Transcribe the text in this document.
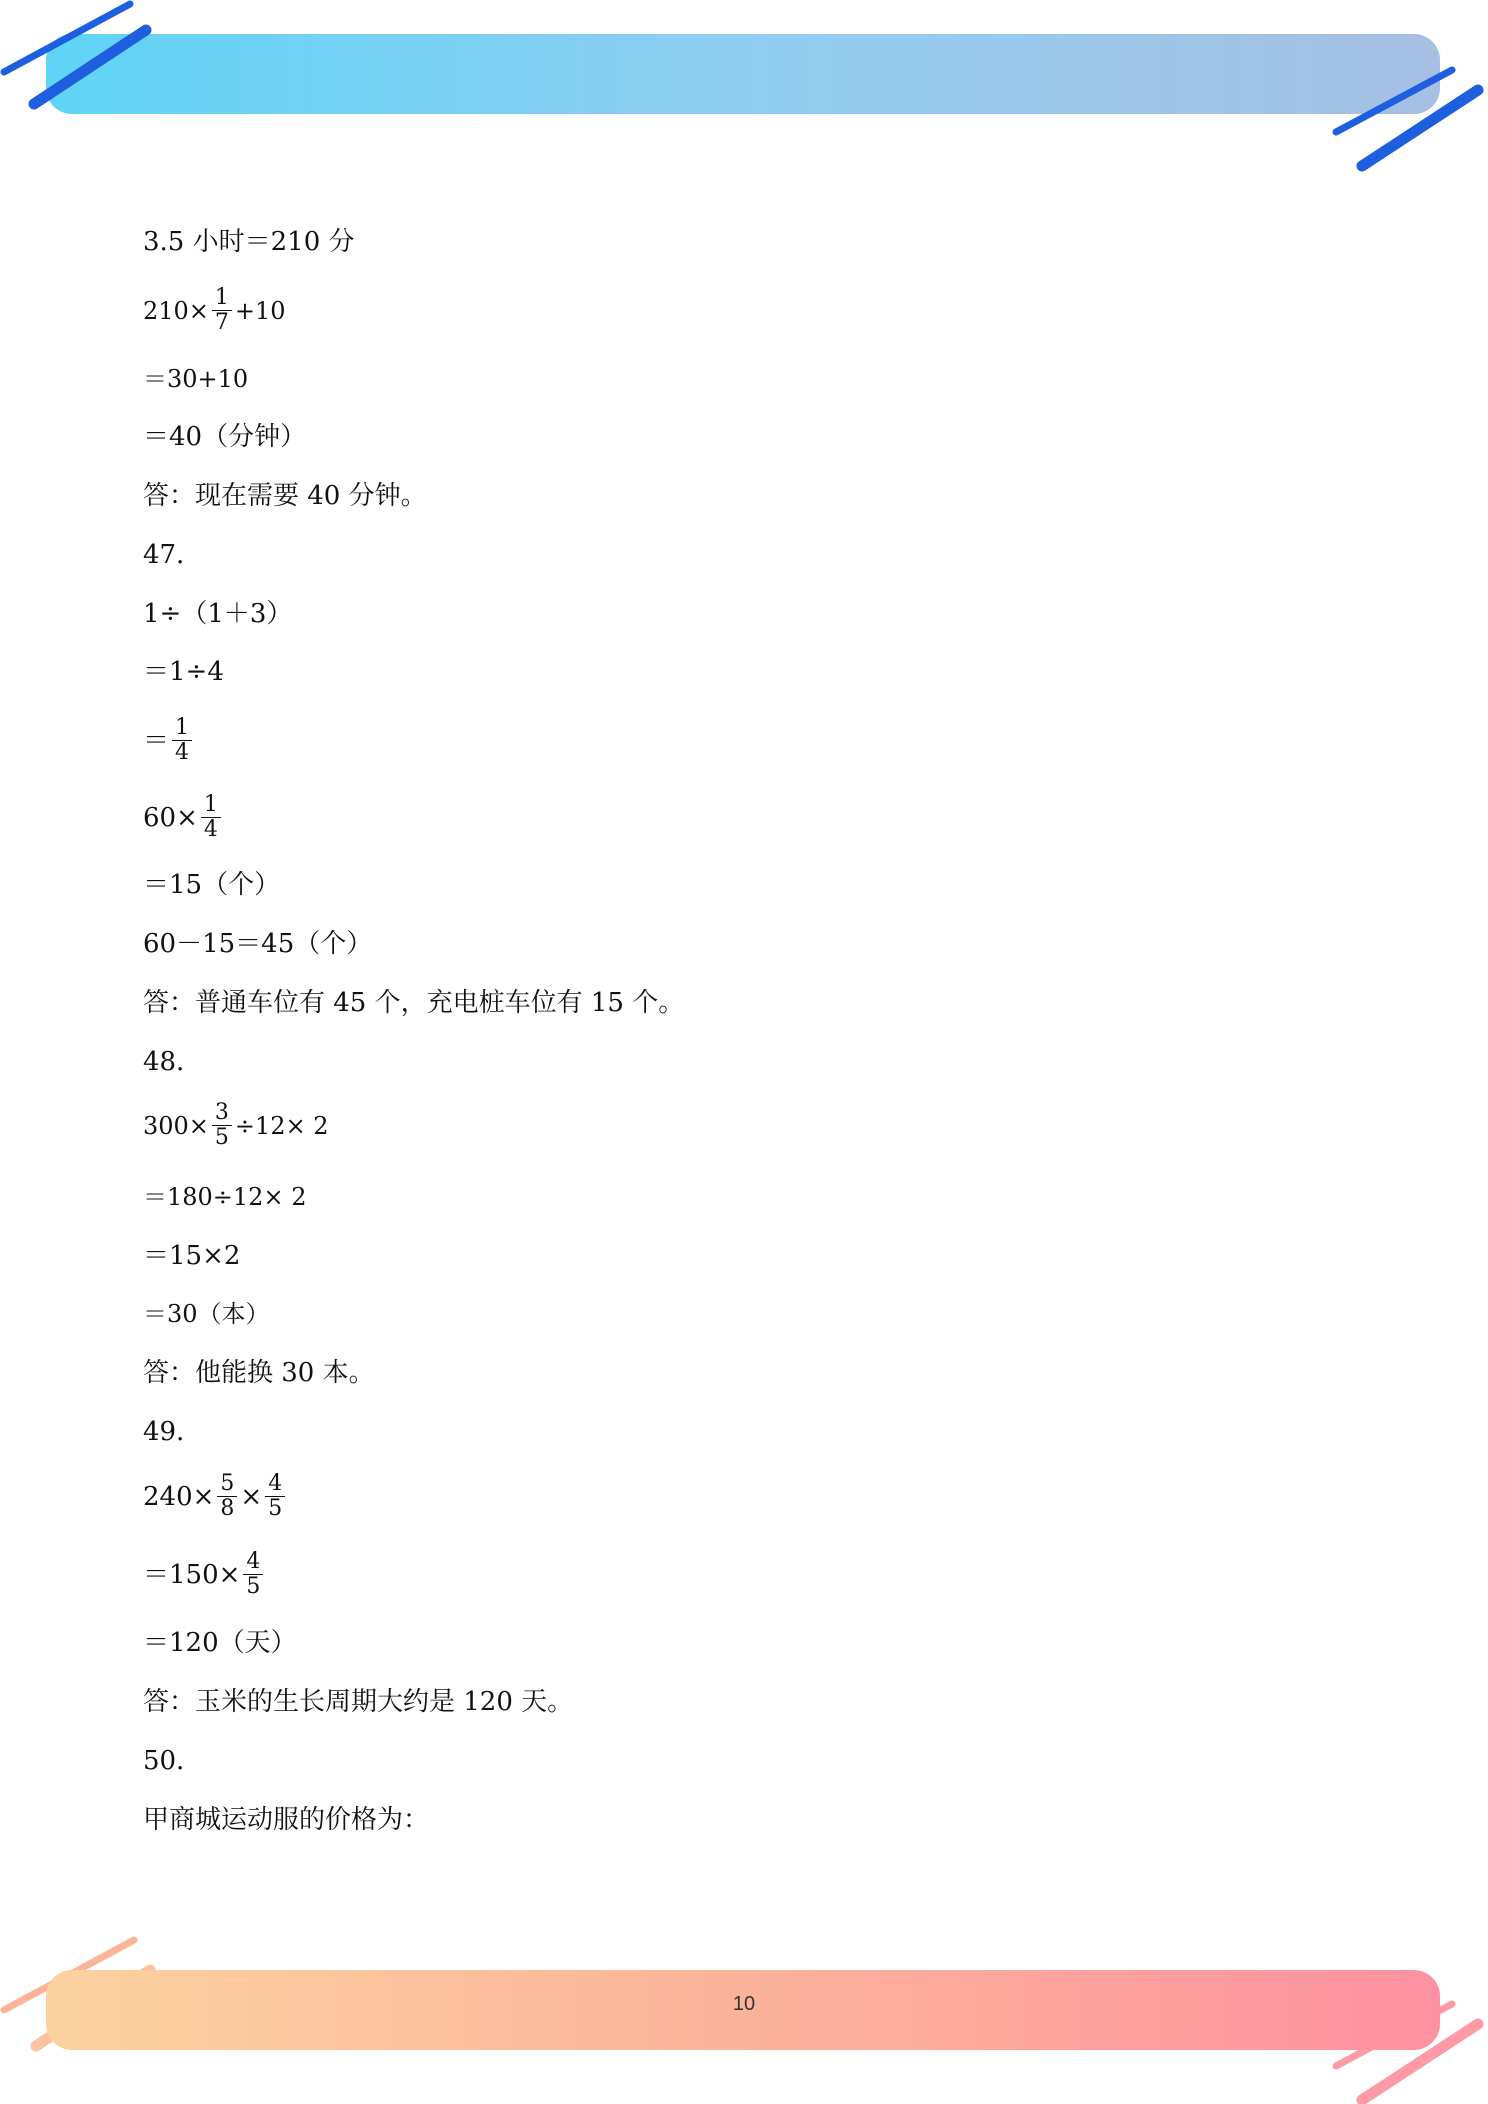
3.5 小时＝210 分
$210\times \frac{1}{7} +10$
＝30+10
＝40（分钟）
答：现在需要 40 分钟。
47．
1÷（1＋3）
＝1÷4
＝ $\frac{1}{4}$
$60\times \frac{1}{4}$
＝15（个）
60－15＝45（个）
答：普通车位有 45 个，充电桩车位有 15 个。
48．
$300\times \frac{3}{5} \div 12\times 2$
＝180÷12× 2
＝15×2
＝30（本）
答：他能换 30 本。
49．
$240\times \frac{5}{8} \times \frac{4}{5}$
$=150\times \frac{4}{5}$
＝120（天）
答：玉米的生长周期大约是 120 天。
50．
甲商城运动服的价格为：
10
